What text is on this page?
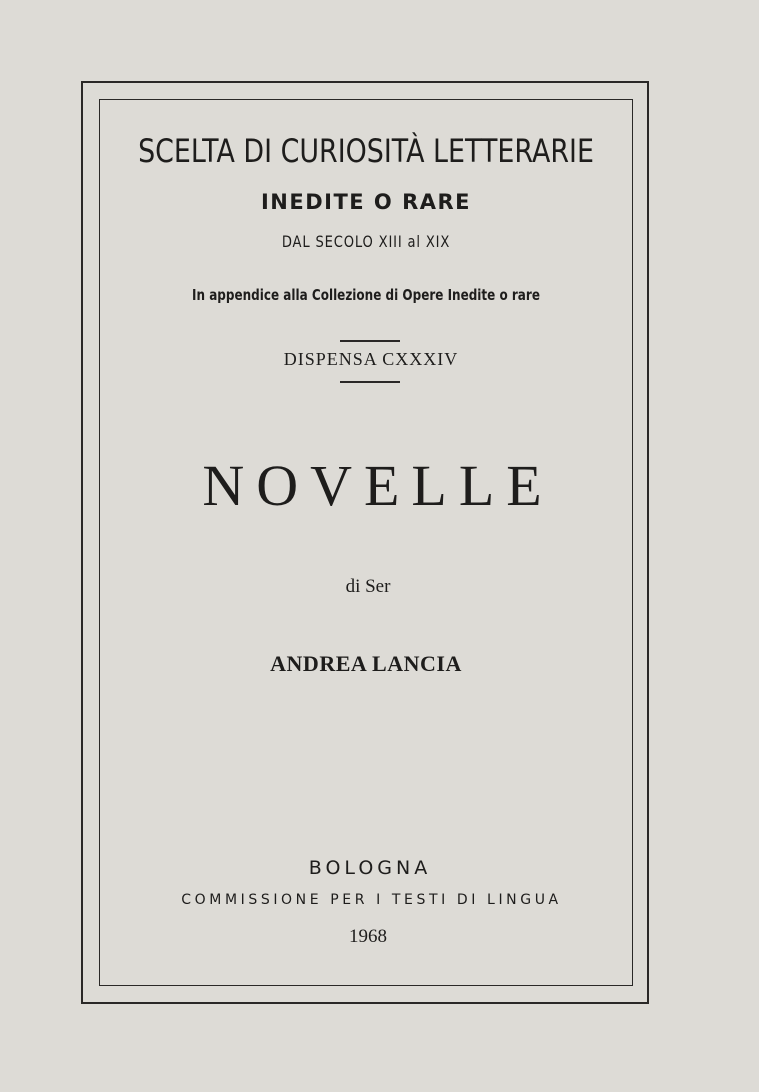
SCELTA DI CURIOSITÀ LETTERARIE
INEDITE O RARE
DAL SECOLO XIII al XIX
In appendice alla Collezione di Opere Inedite o rare
DISPENSA CXXXIV
NOVELLE
di Ser
ANDREA LANCIA
BOLOGNA
COMMISSIONE PER I TESTI DI LINGUA
1968
